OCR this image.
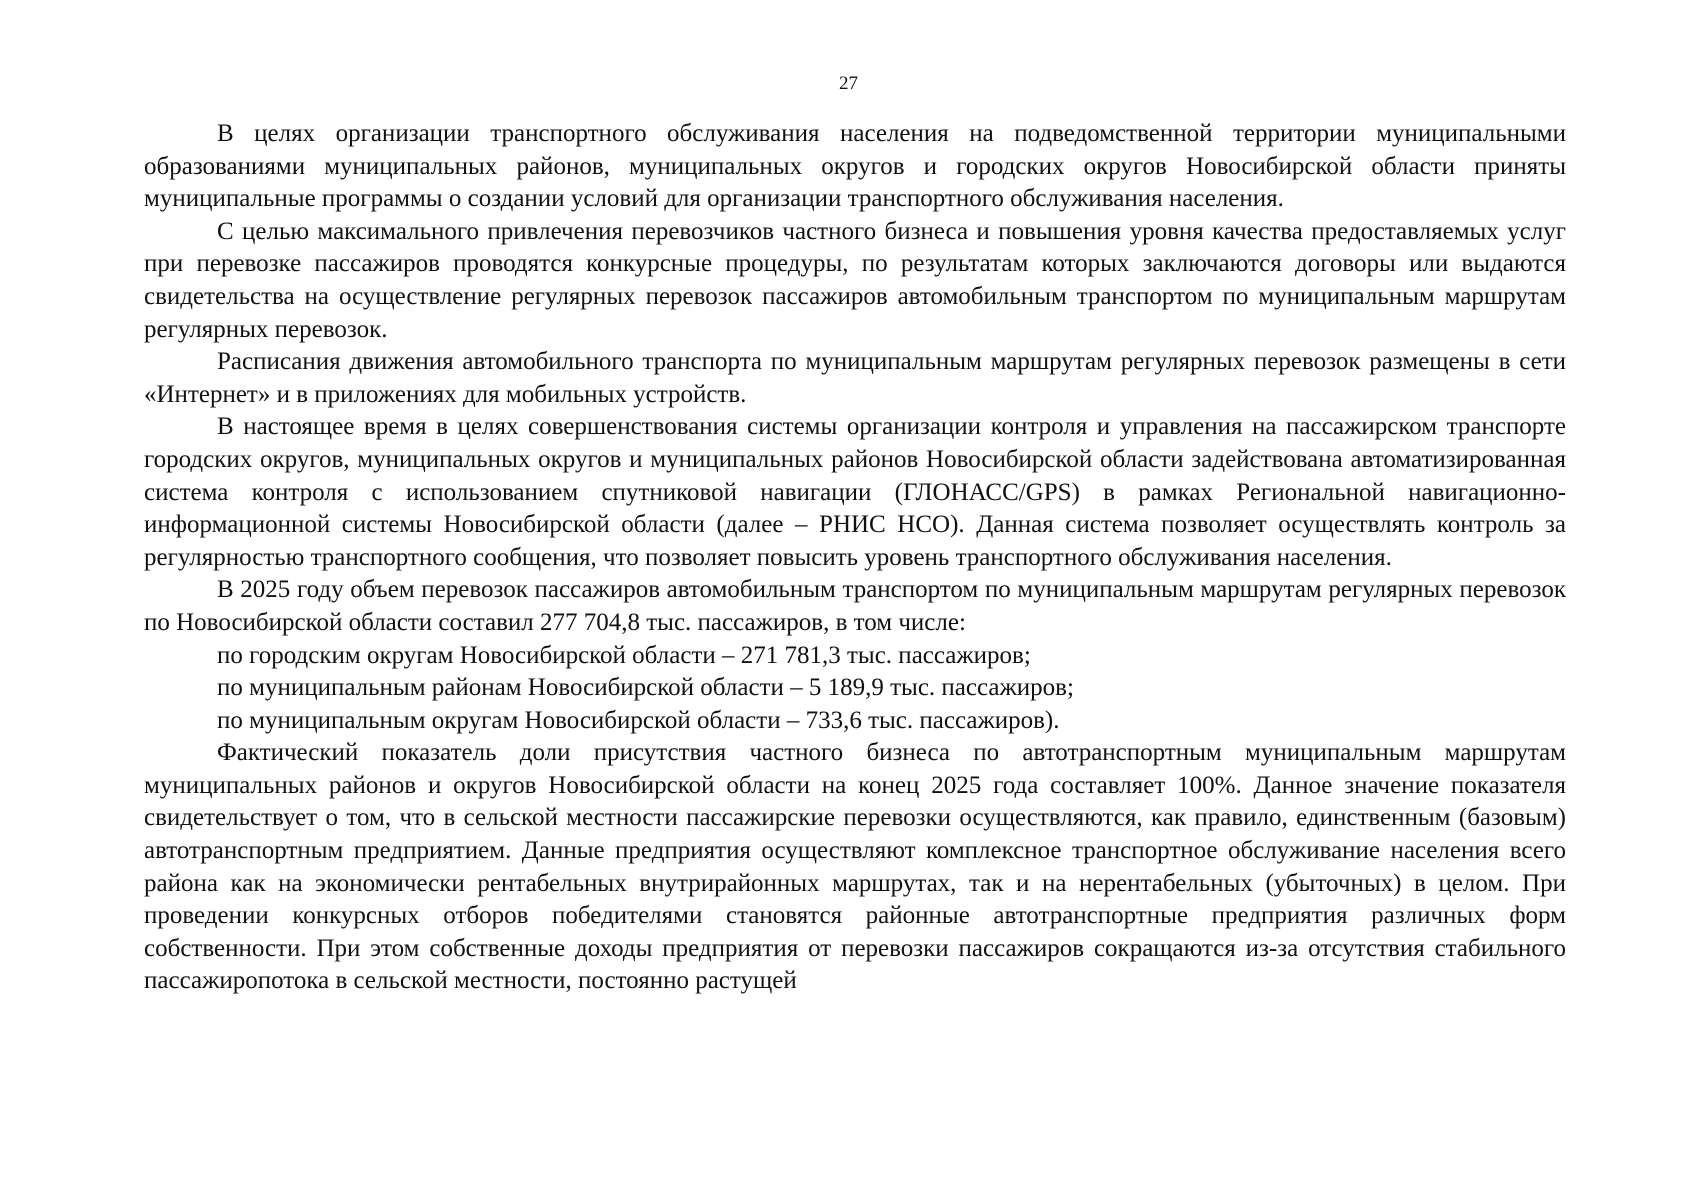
27

В целях организации транспортного обслуживания населения на подведомственной территории муниципальными образованиями муниципальных районов, муниципальных округов и городских округов Новосибирской области приняты муниципальные программы о создании условий для организации транспортного обслуживания населения.

С целью максимального привлечения перевозчиков частного бизнеса и повышения уровня качества предоставляемых услуг при перевозке пассажиров проводятся конкурсные процедуры, по результатам которых заключаются договоры или выдаются свидетельства на осуществление регулярных перевозок пассажиров автомобильным транспортом по муниципальным маршрутам регулярных перевозок.

Расписания движения автомобильного транспорта по муниципальным маршрутам регулярных перевозок размещены в сети «Интернет» и в приложениях для мобильных устройств.

В настоящее время в целях совершенствования системы организации контроля и управления на пассажирском транспорте городских округов, муниципальных округов и муниципальных районов Новосибирской области задействована автоматизированная система контроля с использованием спутниковой навигации (ГЛОНАСС/GPS) в рамках Региональной навигационно-информационной системы Новосибирской области (далее – РНИС НСО). Данная система позволяет осуществлять контроль за регулярностью транспортного сообщения, что позволяет повысить уровень транспортного обслуживания населения.

В 2025 году объем перевозок пассажиров автомобильным транспортом по муниципальным маршрутам регулярных перевозок по Новосибирской области составил 277 704,8 тыс. пассажиров, в том числе:

по городским округам Новосибирской области – 271 781,3 тыс. пассажиров;

по муниципальным районам Новосибирской области – 5 189,9 тыс. пассажиров;

по муниципальным округам Новосибирской области – 733,6 тыс. пассажиров).

Фактический показатель доли присутствия частного бизнеса по автотранспортным муниципальным маршрутам муниципальных районов и округов Новосибирской области на конец 2025 года составляет 100%. Данное значение показателя свидетельствует о том, что в сельской местности пассажирские перевозки осуществляются, как правило, единственным (базовым) автотранспортным предприятием. Данные предприятия осуществляют комплексное транспортное обслуживание населения всего района как на экономически рентабельных внутрирайонных маршрутах, так и на нерентабельных (убыточных) в целом. При проведении конкурсных отборов победителями становятся районные автотранспортные предприятия различных форм собственности. При этом собственные доходы предприятия от перевозки пассажиров сокращаются из-за отсутствия стабильного пассажиропотока в сельской местности, постоянно растущей
